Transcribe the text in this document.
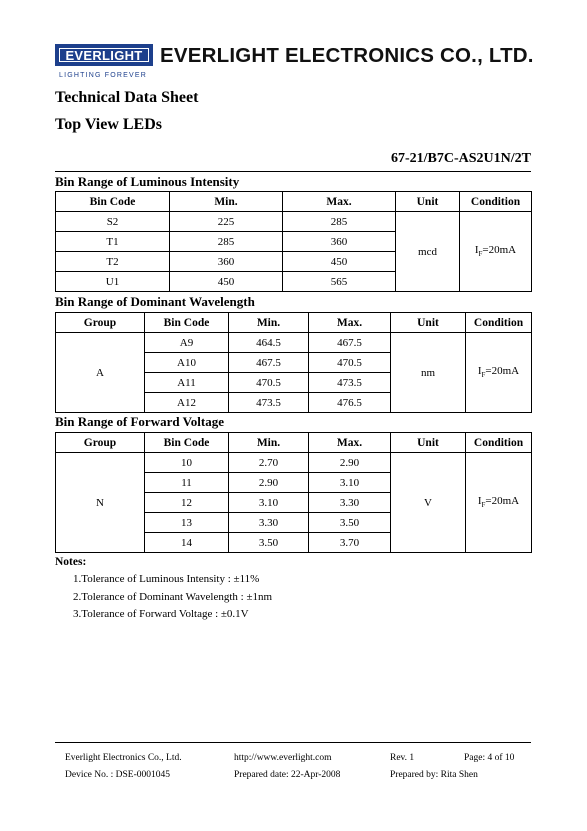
EVERLIGHT
LIGHTING FOREVER
EVERLIGHT ELECTRONICS CO., LTD.
Technical Data Sheet
Top View LEDs
67-21/B7C-AS2U1N/2T
Bin Range of Luminous Intensity
Bin Code	Min.	Max.	Unit	Condition
S2	225	285	mcd	$I_F=20mA$
T1	285	360		
T2	360	450		
U1	450	565		
Bin Range of Dominant Wavelength
Group	Bin Code	Min.	Max.	Unit	Condition
A	A9	464.5	467.5	nm	$I_F=20mA$
	A10	467.5	470.5		
	A11	470.5	473.5		
	A12	473.5	476.5		
Bin Range of Forward Voltage
Group	Bin Code	Min.	Max.	Unit	Condition
N	10	2.70	2.90	V	$I_F=20mA$
	11	2.90	3.10		
	12	3.10	3.30		
	13	3.30	3.50		
	14	3.50	3.70		
Notes:
1.Tolerance of Luminous Intensity : ±11%
2.Tolerance of Dominant Wavelength : ±1nm
3.Tolerance of Forward Voltage : ±0.1V
Everlight Electronics Co., Ltd.	http://www.everlight.com	Rev. 1	Page: 4 of 10
Device No. : DSE-0001045	Prepared date: 22-Apr-2008	Prepared by: Rita Shen
